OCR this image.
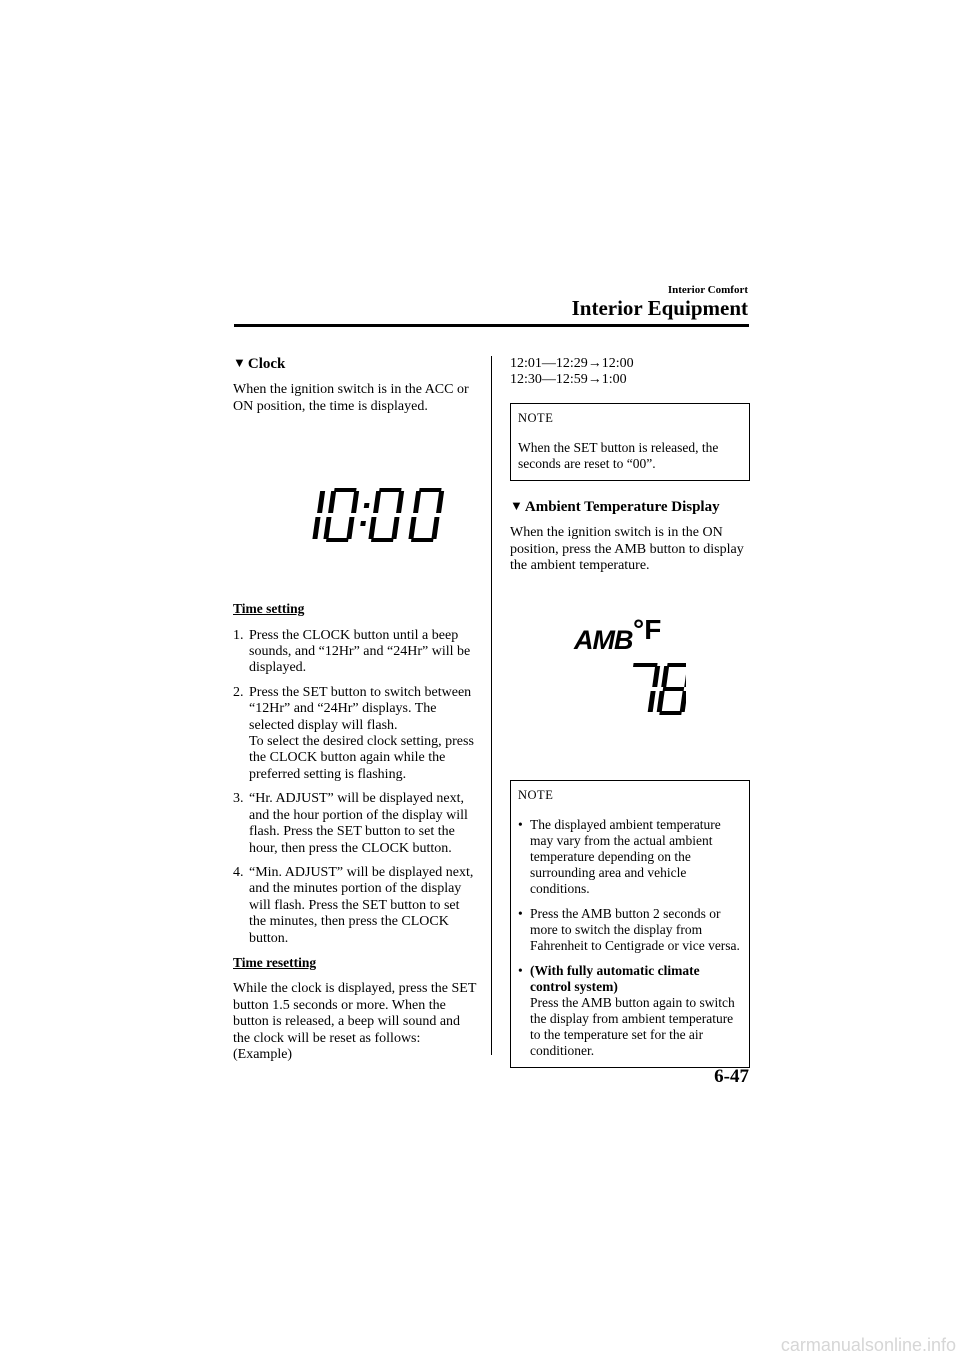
Interior Comfort
Interior Equipment
▼ Clock

When the ignition switch is in the ACC or ON position, the time is displayed.

Time setting
1. Press the CLOCK button until a beep sounds, and “12Hr” and “24Hr” will be displayed.
2. Press the SET button to switch between “12Hr” and “24Hr” displays. The selected display will flash.
To select the desired clock setting, press the CLOCK button again while the preferred setting is flashing.
3. “Hr. ADJUST” will be displayed next, and the hour portion of the display will flash. Press the SET button to set the hour, then press the CLOCK button.
4. “Min. ADJUST” will be displayed next, and the minutes portion of the display will flash. Press the SET button to set the minutes, then press the CLOCK button.
Time resetting

While the clock is displayed, press the SET button 1.5 seconds or more. When the button is released, a beep will sound and the clock will be reset as follows: (Example)

12:01―12:29→12:00

12:30―12:59→1:00

NOTE

When the SET button is released, the seconds are reset to “00”.

▼ Ambient Temperature Display

When the ignition switch is in the ON position, press the AMB button to display the ambient temperature.

AMB °F
NOTE
• The displayed ambient temperature may vary from the actual ambient temperature depending on the surrounding area and vehicle conditions.
• Press the AMB button 2 seconds or more to switch the display from Fahrenheit to Centigrade or vice versa.
• (With fully automatic climate control system)
Press the AMB button again to switch the display from ambient temperature to the temperature set for the air conditioner.
6-47
carmanualsonline.info
